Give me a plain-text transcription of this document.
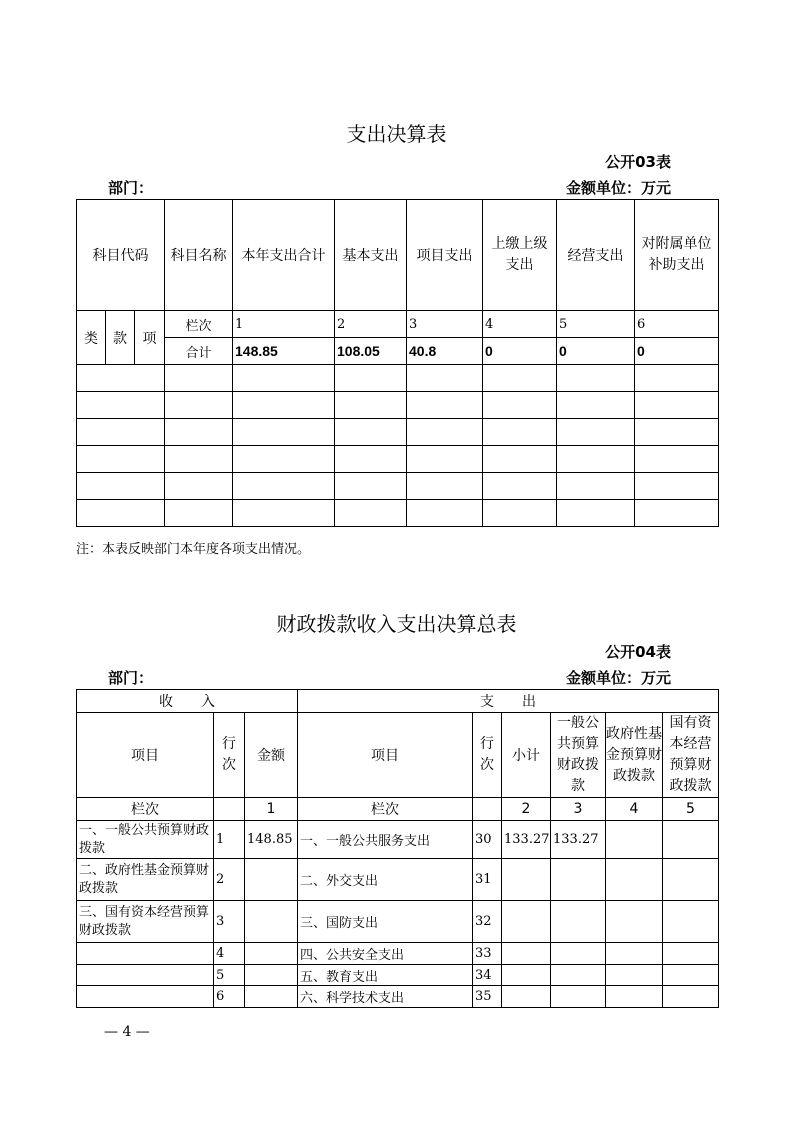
支出决算表
公开03表
部门：	金额单位：万元
科目代码			科目名称	本年支出合计	基本支出	项目支出	上缴上级支出	经营支出	对附属单位补助支出
类	款	项	栏次	1	2	3	4	5	6
			合计	148.85	108.05	40.8	0	0	0

注：本表反映部门本年度各项支出情况。
财政拨款收入支出决算总表
公开04表
部门：	金额单位：万元
收　　入			支　　出					
项目	行次	金额	项目	行次	小计	一般公共预算财政拨款	政府性基金预算财政拨款	国有资本经营预算财政拨款
栏次		1	栏次		2	3	4	5
一、一般公共预算财政拨款	1	148.85	一、一般公共服务支出	30	133.27	133.27		
二、政府性基金预算财政拨款	2		二、外交支出	31				
三、国有资本经营预算财政拨款	3		三、国防支出	32				
	4		四、公共安全支出	33				
	5		五、教育支出	34				
	6		六、科学技术支出	35				
— 4 —
